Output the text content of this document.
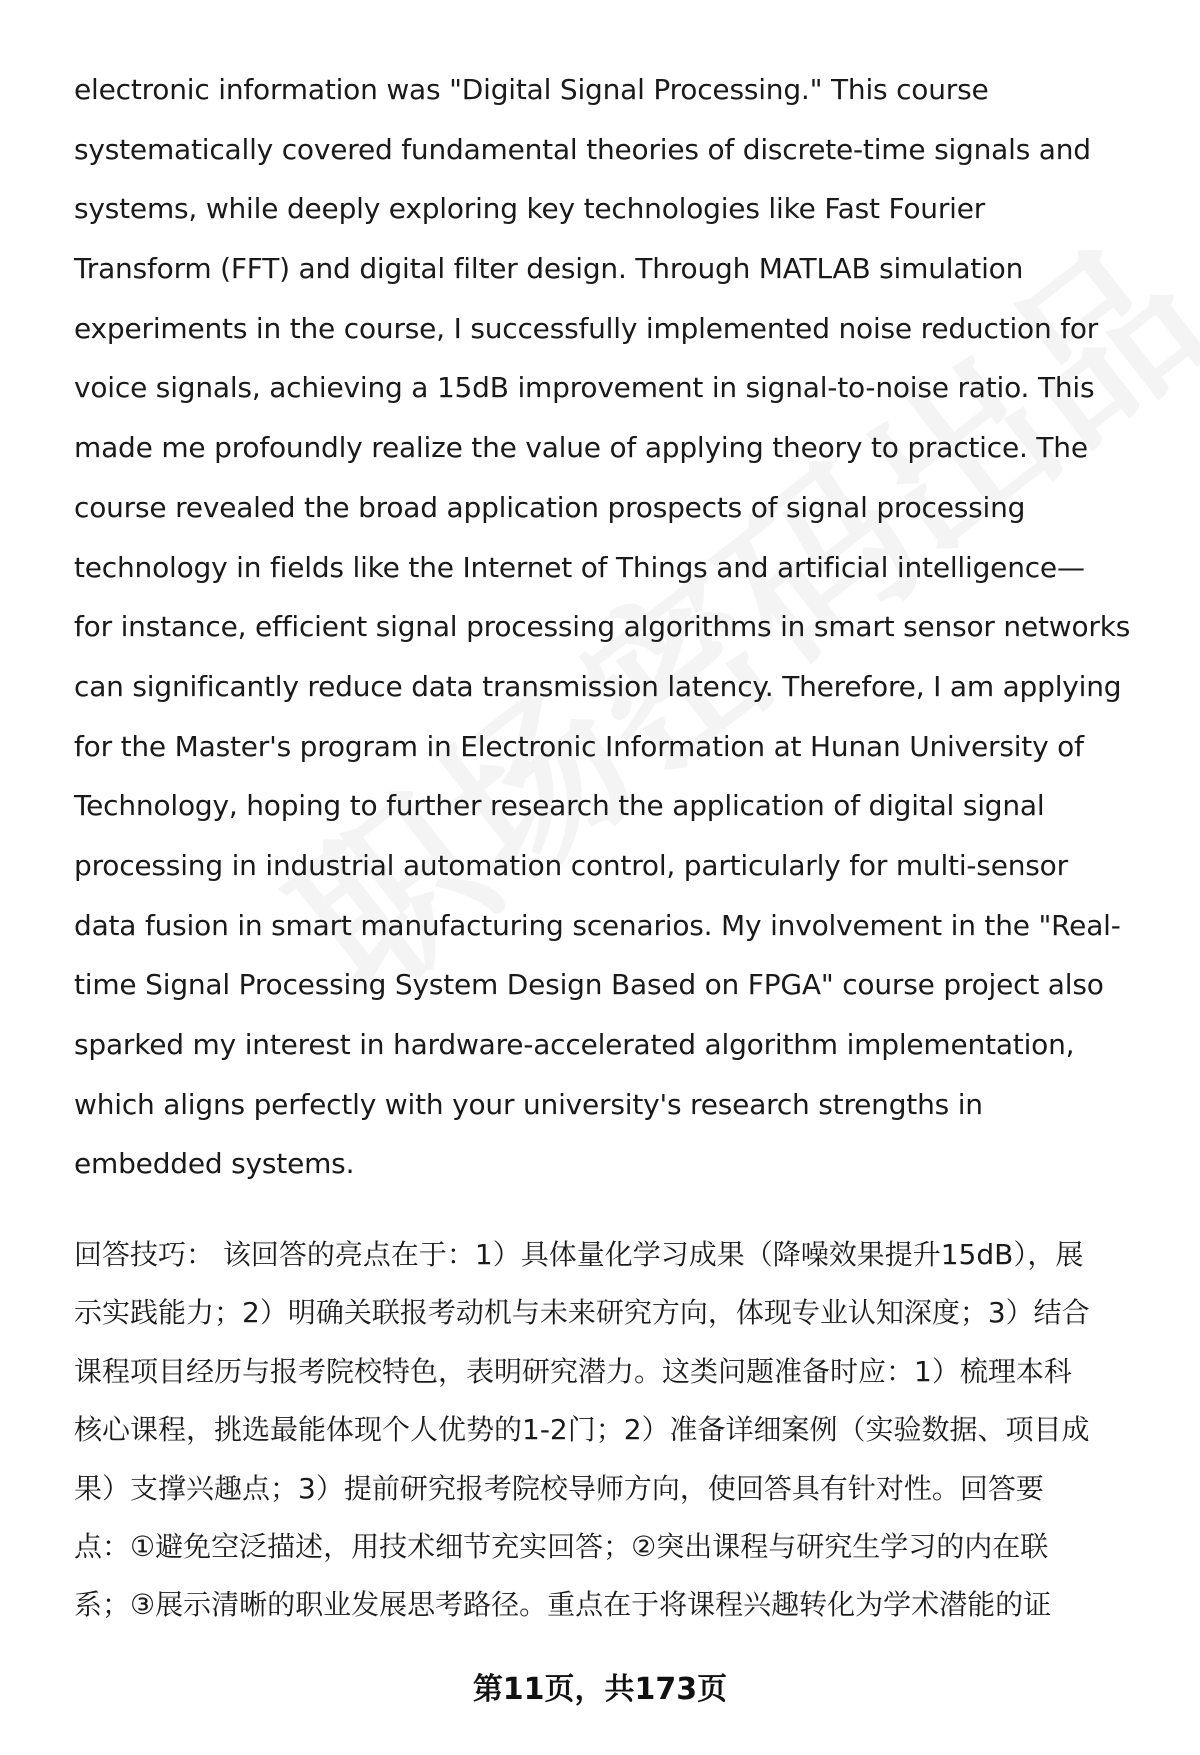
electronic information was "Digital Signal Processing." This course
systematically covered fundamental theories of discrete-time signals and
systems, while deeply exploring key technologies like Fast Fourier
Transform (FFT) and digital filter design. Through MATLAB simulation
experiments in the course, I successfully implemented noise reduction for
voice signals, achieving a 15dB improvement in signal-to-noise ratio. This
made me profoundly realize the value of applying theory to practice. The
course revealed the broad application prospects of signal processing
technology in fields like the Internet of Things and artificial intelligence—
for instance, efficient signal processing algorithms in smart sensor networks
can significantly reduce data transmission latency. Therefore, I am applying
for the Master's program in Electronic Information at Hunan University of
Technology, hoping to further research the application of digital signal
processing in industrial automation control, particularly for multi-sensor
data fusion in smart manufacturing scenarios. My involvement in the "Real-
time Signal Processing System Design Based on FPGA" course project also
sparked my interest in hardware-accelerated algorithm implementation,
which aligns perfectly with your university's research strengths in
embedded systems.
回答技巧： 该回答的亮点在于：1）具体量化学习成果（降噪效果提升15dB），展
示实践能力；2）明确关联报考动机与未来研究方向，体现专业认知深度；3）结合
课程项目经历与报考院校特色，表明研究潜力。这类问题准备时应：1）梳理本科
核心课程，挑选最能体现个人优势的1-2门；2）准备详细案例（实验数据、项目成
果）支撑兴趣点；3）提前研究报考院校导师方向，使回答具有针对性。回答要
点：①避免空泛描述，用技术细节充实回答；②突出课程与研究生学习的内在联
系；③展示清晰的职业发展思考路径。重点在于将课程兴趣转化为学术潜能的证
第11页，共173页
